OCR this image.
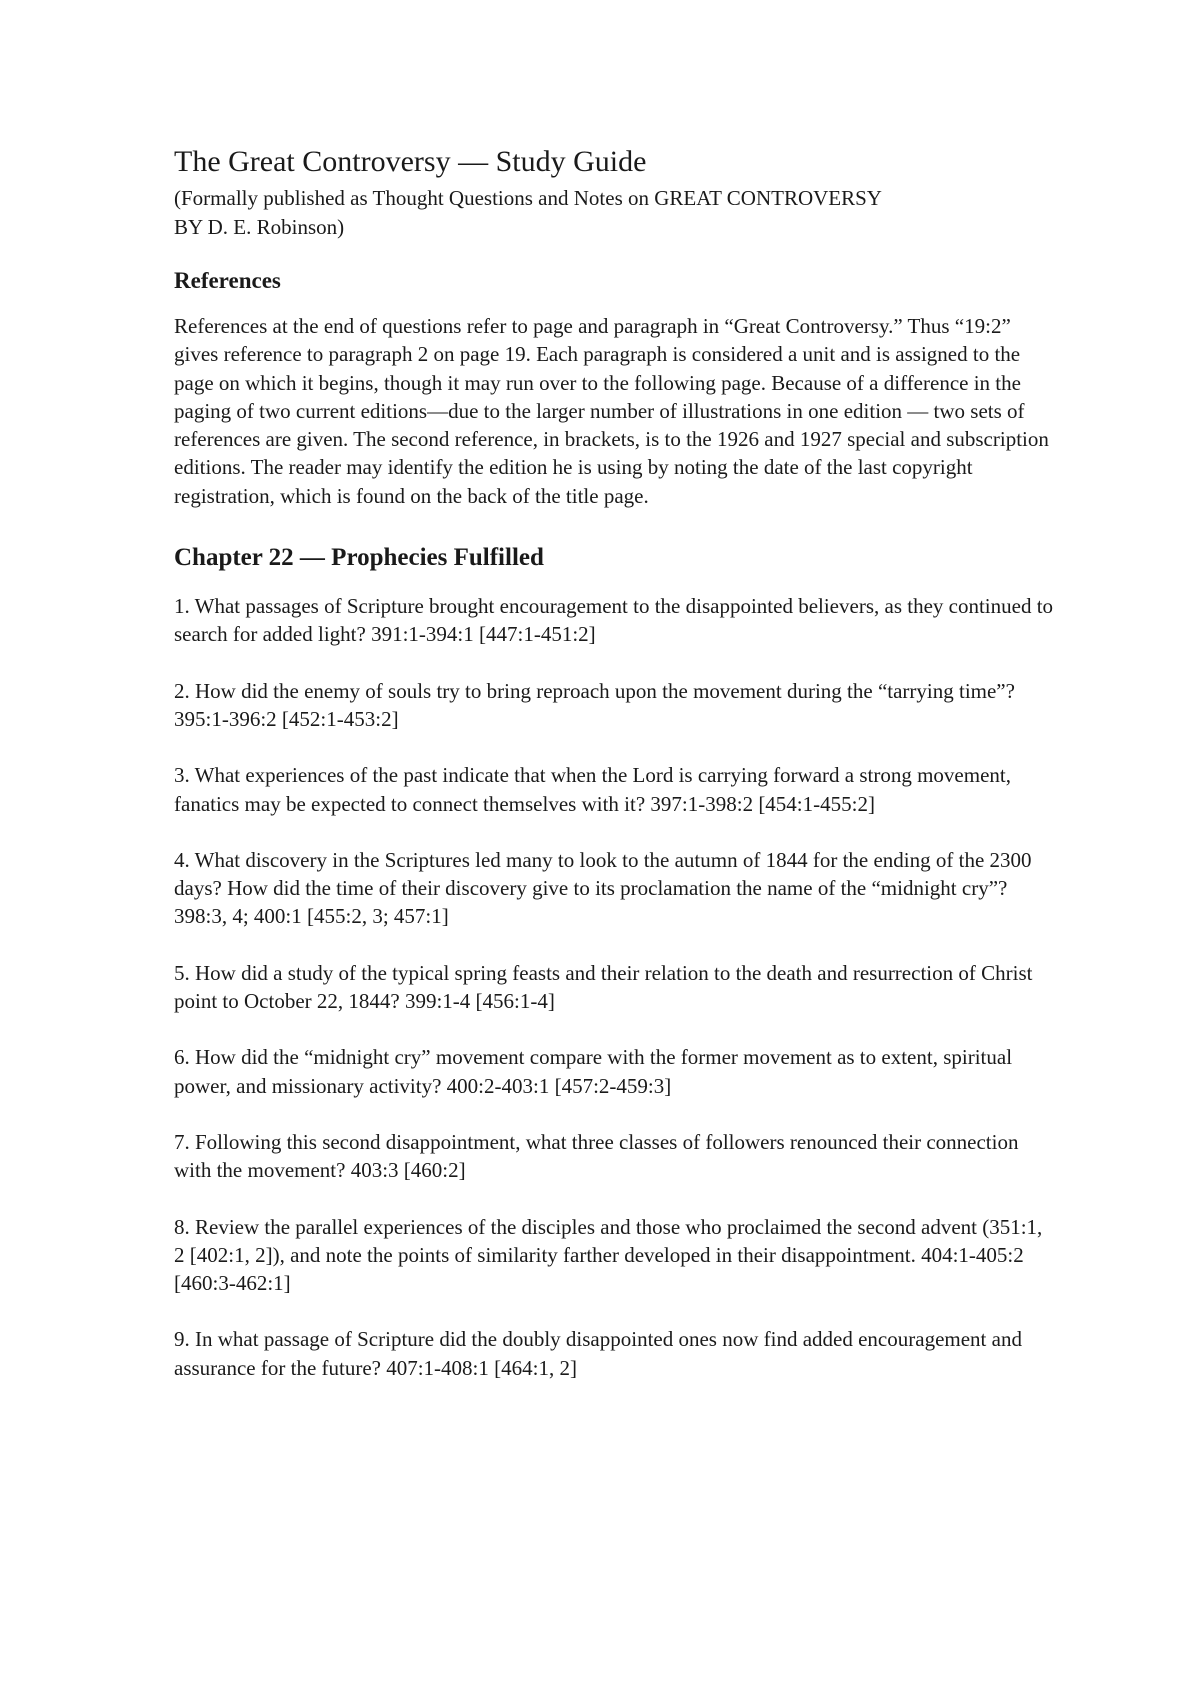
The Great Controversy — Study Guide
(Formally published as Thought Questions and Notes on GREAT CONTROVERSY
BY D. E. Robinson)
References

References at the end of questions refer to page and paragraph in “Great Controversy.” Thus “19:2” gives reference to paragraph 2 on page 19. Each paragraph is considered a unit and is assigned to the page on which it begins, though it may run over to the following page. Because of a difference in the paging of two current editions—due to the larger number of illustrations in one edition — two sets of references are given. The second reference, in brackets, is to the 1926 and 1927 special and subscription editions. The reader may identify the edition he is using by noting the date of the last copyright registration, which is found on the back of the title page.

Chapter 22 — Prophecies Fulfilled

1. What passages of Scripture brought encouragement to the disappointed believers, as they continued to search for added light? 391:1-394:1 [447:1-451:2]

2. How did the enemy of souls try to bring reproach upon the movement during the “tarrying time”? 395:1-396:2 [452:1-453:2]

3. What experiences of the past indicate that when the Lord is carrying forward a strong movement, fanatics may be expected to connect themselves with it? 397:1-398:2 [454:1-455:2]

4. What discovery in the Scriptures led many to look to the autumn of 1844 for the ending of the 2300 days? How did the time of their discovery give to its proclamation the name of the “midnight cry”? 398:3, 4; 400:1 [455:2, 3; 457:1]

5. How did a study of the typical spring feasts and their relation to the death and resurrection of Christ point to October 22, 1844? 399:1-4 [456:1-4]

6. How did the “midnight cry” movement compare with the former movement as to extent, spiritual power, and missionary activity? 400:2-403:1 [457:2-459:3]

7. Following this second disappointment, what three classes of followers renounced their connection with the movement? 403:3 [460:2]

8. Review the parallel experiences of the disciples and those who proclaimed the second advent (351:1, 2 [402:1, 2]), and note the points of similarity farther developed in their disappointment. 404:1-405:2 [460:3-462:1]

9. In what passage of Scripture did the doubly disappointed ones now find added encouragement and assurance for the future? 407:1-408:1 [464:1, 2]
